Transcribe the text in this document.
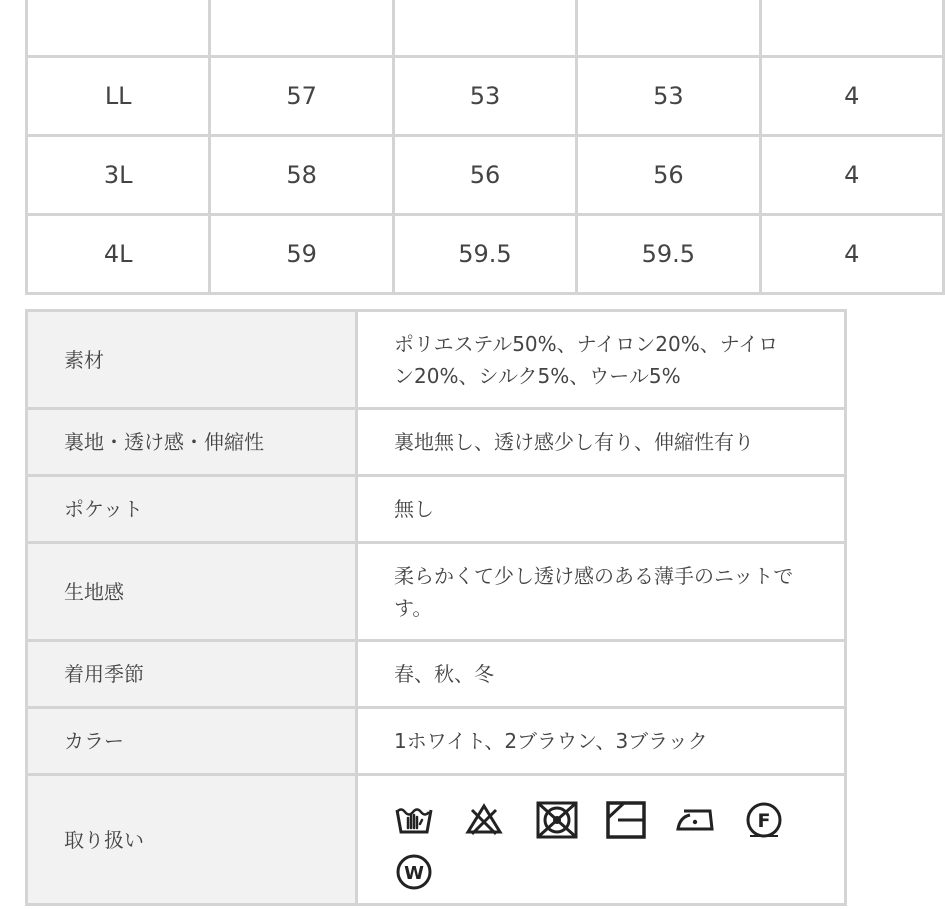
LL	57	53	53	4
3L	58	56	56	4
4L	59	59.5	59.5	4
素材	ポリエステル50%、ナイロン20%、ナイロ
ン20%、シルク5%、ウール5%

裏地・透け感・伸縮性	裏地無し、透け感少し有り、伸縮性有り

ポケット	無し

生地感	柔らかくて少し透け感のある薄手のニットで
す。

着用季節	春、秋、冬

カラー	1ホワイト、2ブラウン、3ブラック

取り扱い	F
W
